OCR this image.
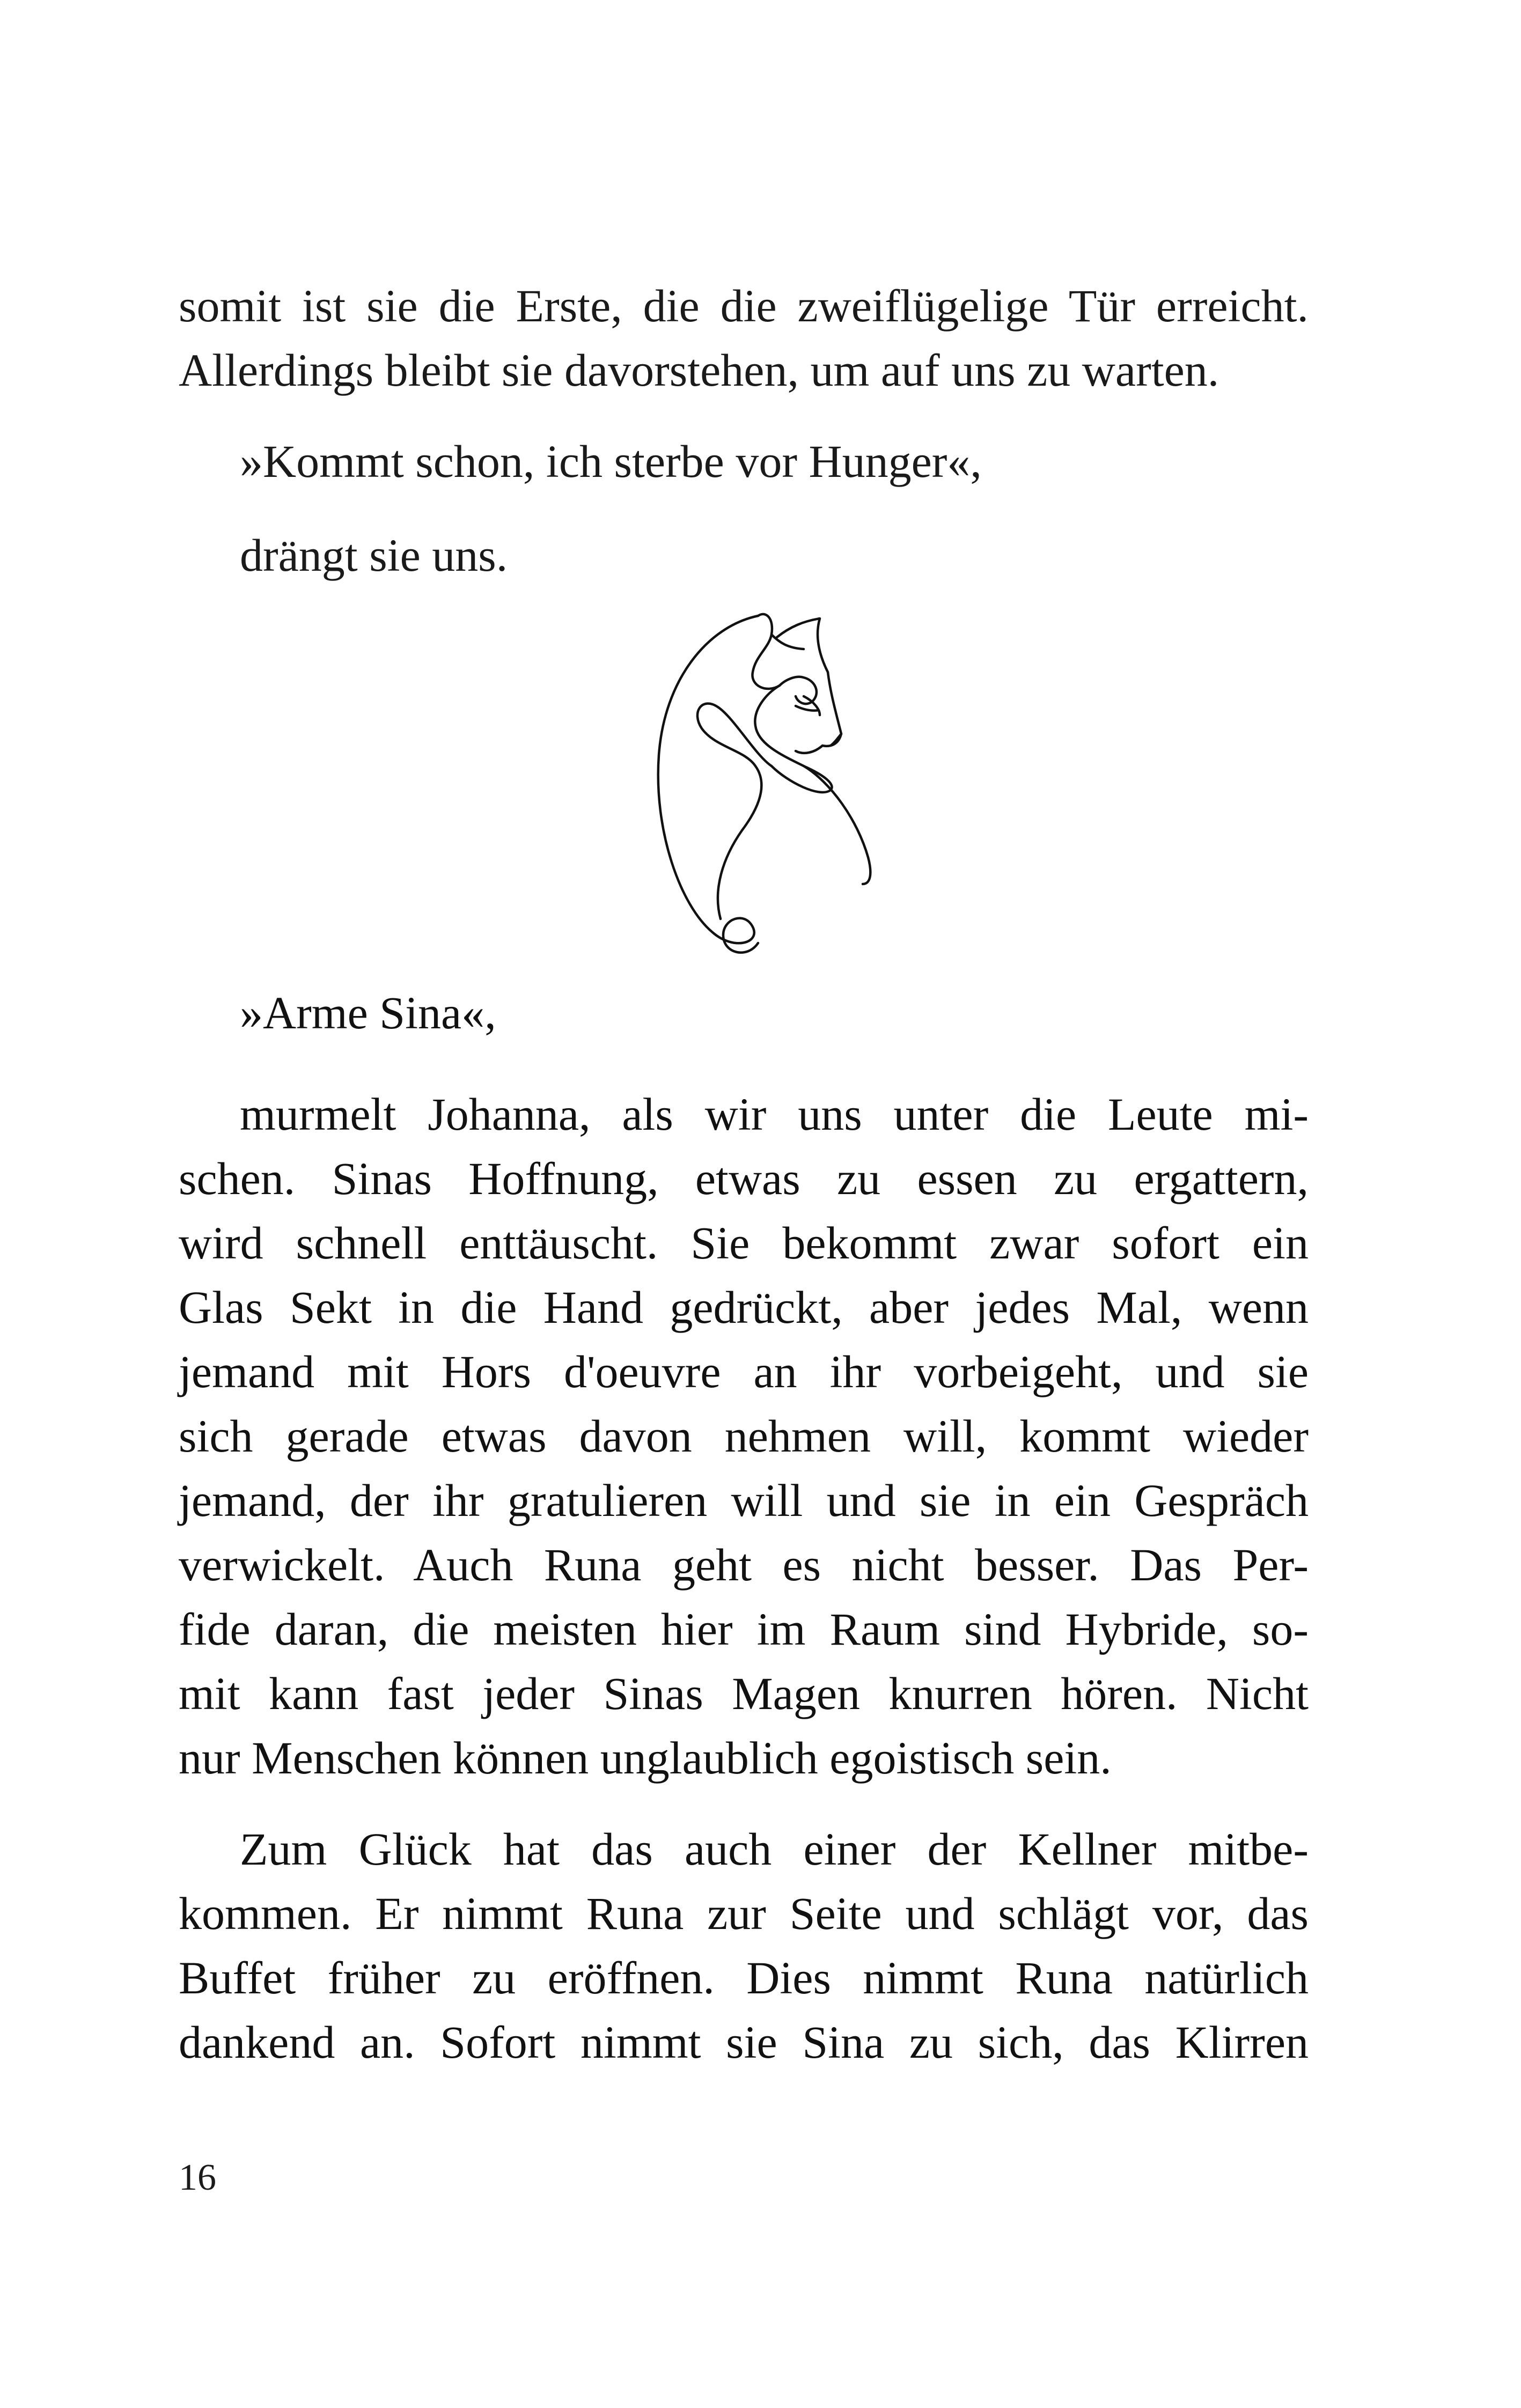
somit ist sie die Erste, die die zweiflügelige Tür erreicht.
Allerdings bleibt sie davorstehen, um auf uns zu warten.
»Kommt schon, ich sterbe vor Hunger«,
drängt sie uns.
»Arme Sina«,
murmelt Johanna, als wir uns unter die Leute mi-
schen. Sinas Hoffnung, etwas zu essen zu ergattern,
wird schnell enttäuscht. Sie bekommt zwar sofort ein
Glas Sekt in die Hand gedrückt, aber jedes Mal, wenn
jemand mit Hors d'oeuvre an ihr vorbeigeht, und sie
sich gerade etwas davon nehmen will, kommt wieder
jemand, der ihr gratulieren will und sie in ein Gespräch
verwickelt. Auch Runa geht es nicht besser. Das Per-
fide daran, die meisten hier im Raum sind Hybride, so-
mit kann fast jeder Sinas Magen knurren hören. Nicht
nur Menschen können unglaublich egoistisch sein.
Zum Glück hat das auch einer der Kellner mitbe-
kommen. Er nimmt Runa zur Seite und schlägt vor, das
Buffet früher zu eröffnen. Dies nimmt Runa natürlich
dankend an. Sofort nimmt sie Sina zu sich, das Klirren
16
